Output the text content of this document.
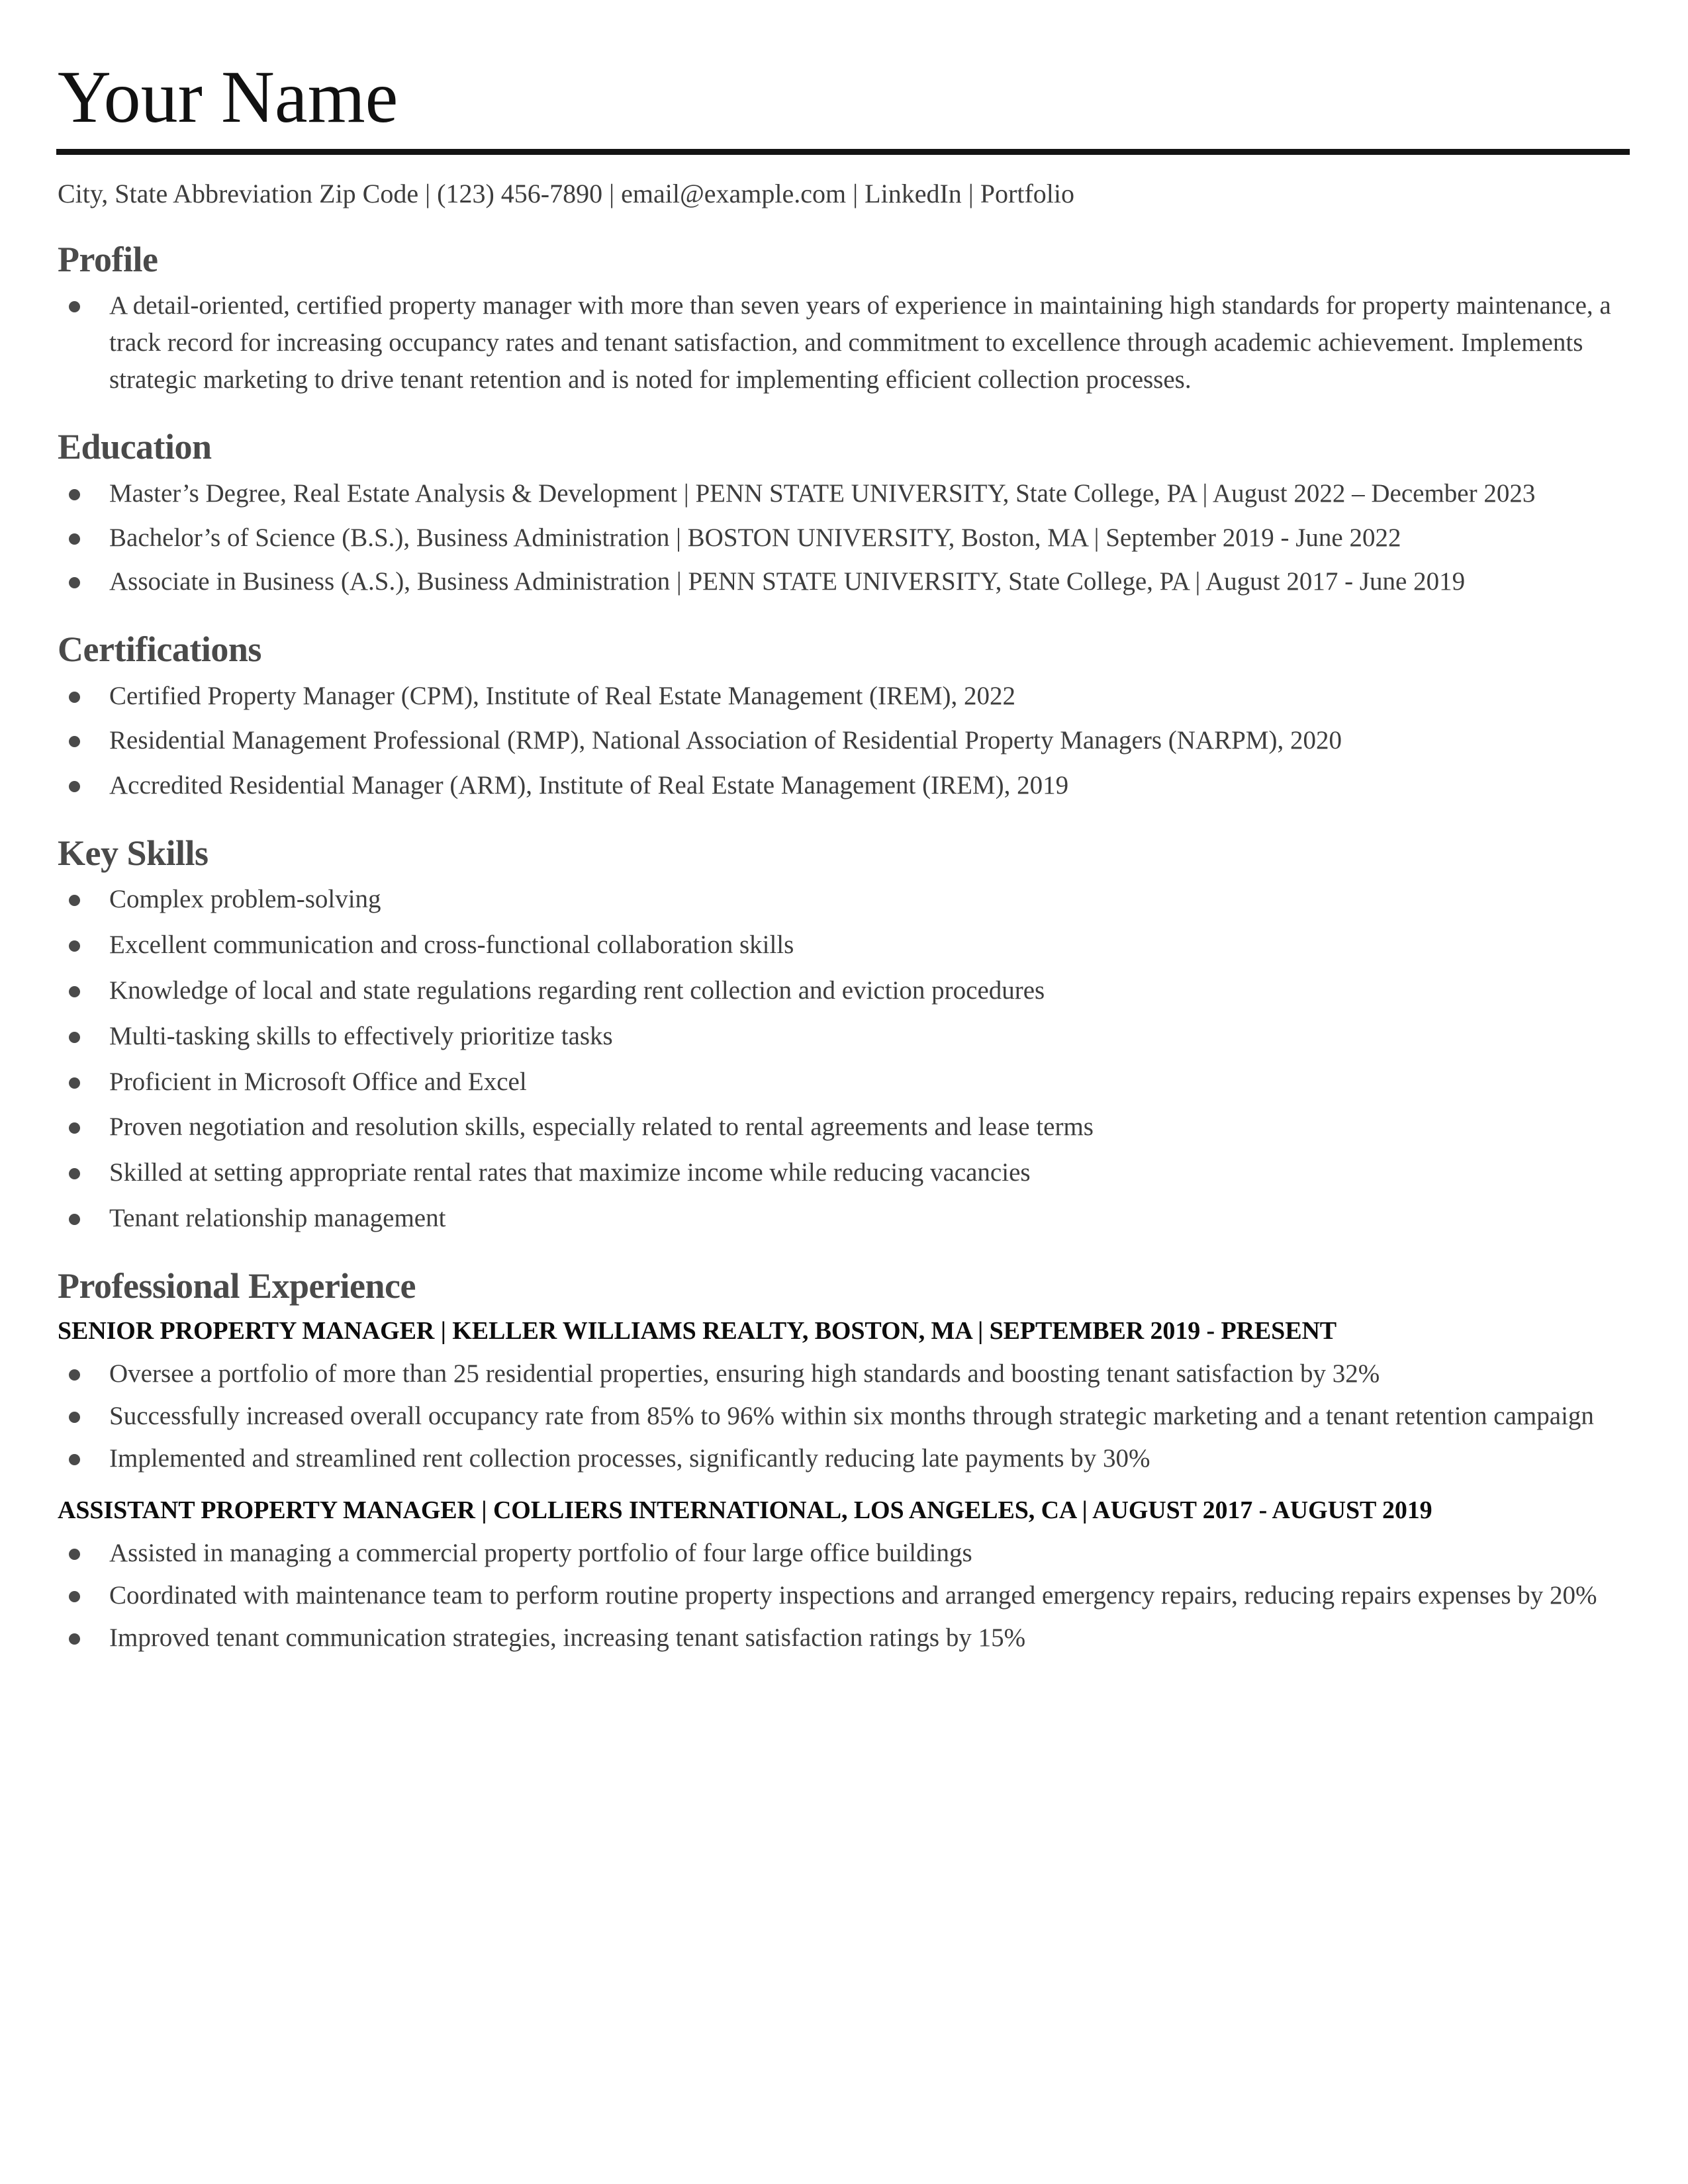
Your Name
City, State Abbreviation Zip Code | (123) 456-7890 | email@example.com | LinkedIn | Portfolio
Profile
A detail-oriented, certified property manager with more than seven years of experience in maintaining high standards for property maintenance, a track record for increasing occupancy rates and tenant satisfaction, and commitment to excellence through academic achievement. Implements strategic marketing to drive tenant retention and is noted for implementing efficient collection processes.
Education
Master’s Degree, Real Estate Analysis & Development | PENN STATE UNIVERSITY, State College, PA | August 2022 – December 2023
Bachelor’s of Science (B.S.), Business Administration | BOSTON UNIVERSITY, Boston, MA | September 2019 - June 2022
Associate in Business (A.S.), Business Administration | PENN STATE UNIVERSITY, State College, PA | August 2017 - June 2019
Certifications
Certified Property Manager (CPM), Institute of Real Estate Management (IREM), 2022
Residential Management Professional (RMP), National Association of Residential Property Managers (NARPM), 2020
Accredited Residential Manager (ARM), Institute of Real Estate Management (IREM), 2019
Key Skills
Complex problem-solving
Excellent communication and cross-functional collaboration skills
Knowledge of local and state regulations regarding rent collection and eviction procedures
Multi-tasking skills to effectively prioritize tasks
Proficient in Microsoft Office and Excel
Proven negotiation and resolution skills, especially related to rental agreements and lease terms
Skilled at setting appropriate rental rates that maximize income while reducing vacancies
Tenant relationship management
Professional Experience
SENIOR PROPERTY MANAGER | KELLER WILLIAMS REALTY, BOSTON, MA | SEPTEMBER 2019 - PRESENT
Oversee a portfolio of more than 25 residential properties, ensuring high standards and boosting tenant satisfaction by 32%
Successfully increased overall occupancy rate from 85% to 96% within six months through strategic marketing and a tenant retention campaign
Implemented and streamlined rent collection processes, significantly reducing late payments by 30%
ASSISTANT PROPERTY MANAGER | COLLIERS INTERNATIONAL, LOS ANGELES, CA | AUGUST 2017 - AUGUST 2019
Assisted in managing a commercial property portfolio of four large office buildings
Coordinated with maintenance team to perform routine property inspections and arranged emergency repairs, reducing repairs expenses by 20%
Improved tenant communication strategies, increasing tenant satisfaction ratings by 15%
